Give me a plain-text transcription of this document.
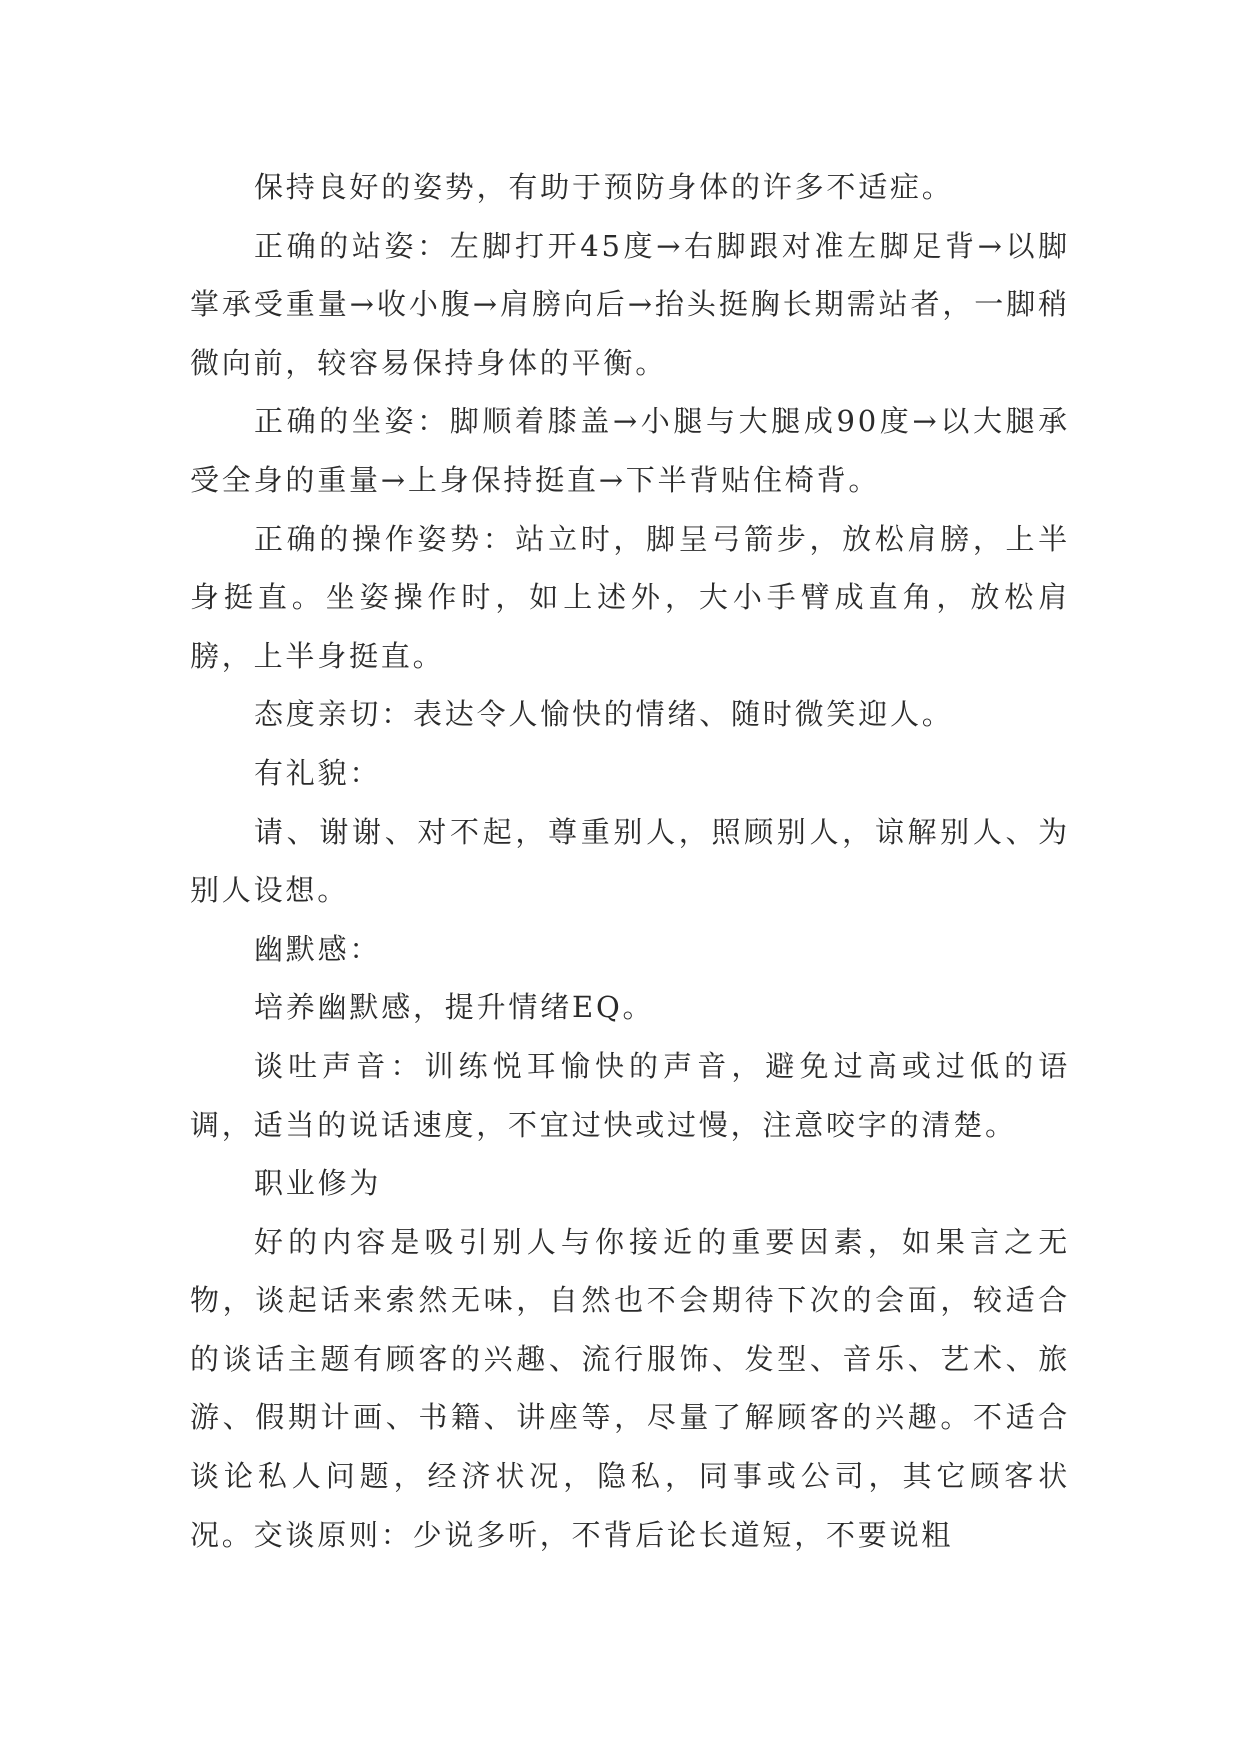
保持良好的姿势，有助于预防身体的许多不适症。

正确的站姿：左脚打开45度→右脚跟对准左脚足背→以脚掌承受重量→收小腹→肩膀向后→抬头挺胸长期需站者，一脚稍微向前，较容易保持身体的平衡。

正确的坐姿：脚顺着膝盖→小腿与大腿成90度→以大腿承受全身的重量→上身保持挺直→下半背贴住椅背。

正确的操作姿势：站立时，脚呈弓箭步，放松肩膀，上半身挺直。坐姿操作时，如上述外，大小手臂成直角，放松肩膀，上半身挺直。

态度亲切：表达令人愉快的情绪、随时微笑迎人。

有礼貌：

请、谢谢、对不起，尊重别人，照顾别人，谅解别人、为别人设想。

幽默感：

培养幽默感，提升情绪EQ。

谈吐声音：训练悦耳愉快的声音，避免过高或过低的语调，适当的说话速度，不宜过快或过慢，注意咬字的清楚。

职业修为

好的内容是吸引别人与你接近的重要因素，如果言之无物，谈起话来索然无味，自然也不会期待下次的会面，较适合的谈话主题有顾客的兴趣、流行服饰、发型、音乐、艺术、旅游、假期计画、书籍、讲座等，尽量了解顾客的兴趣。不适合谈论私人问题，经济状况，隐私，同事或公司，其它顾客状况。交谈原则：少说多听，不背后论长道短，不要说粗
